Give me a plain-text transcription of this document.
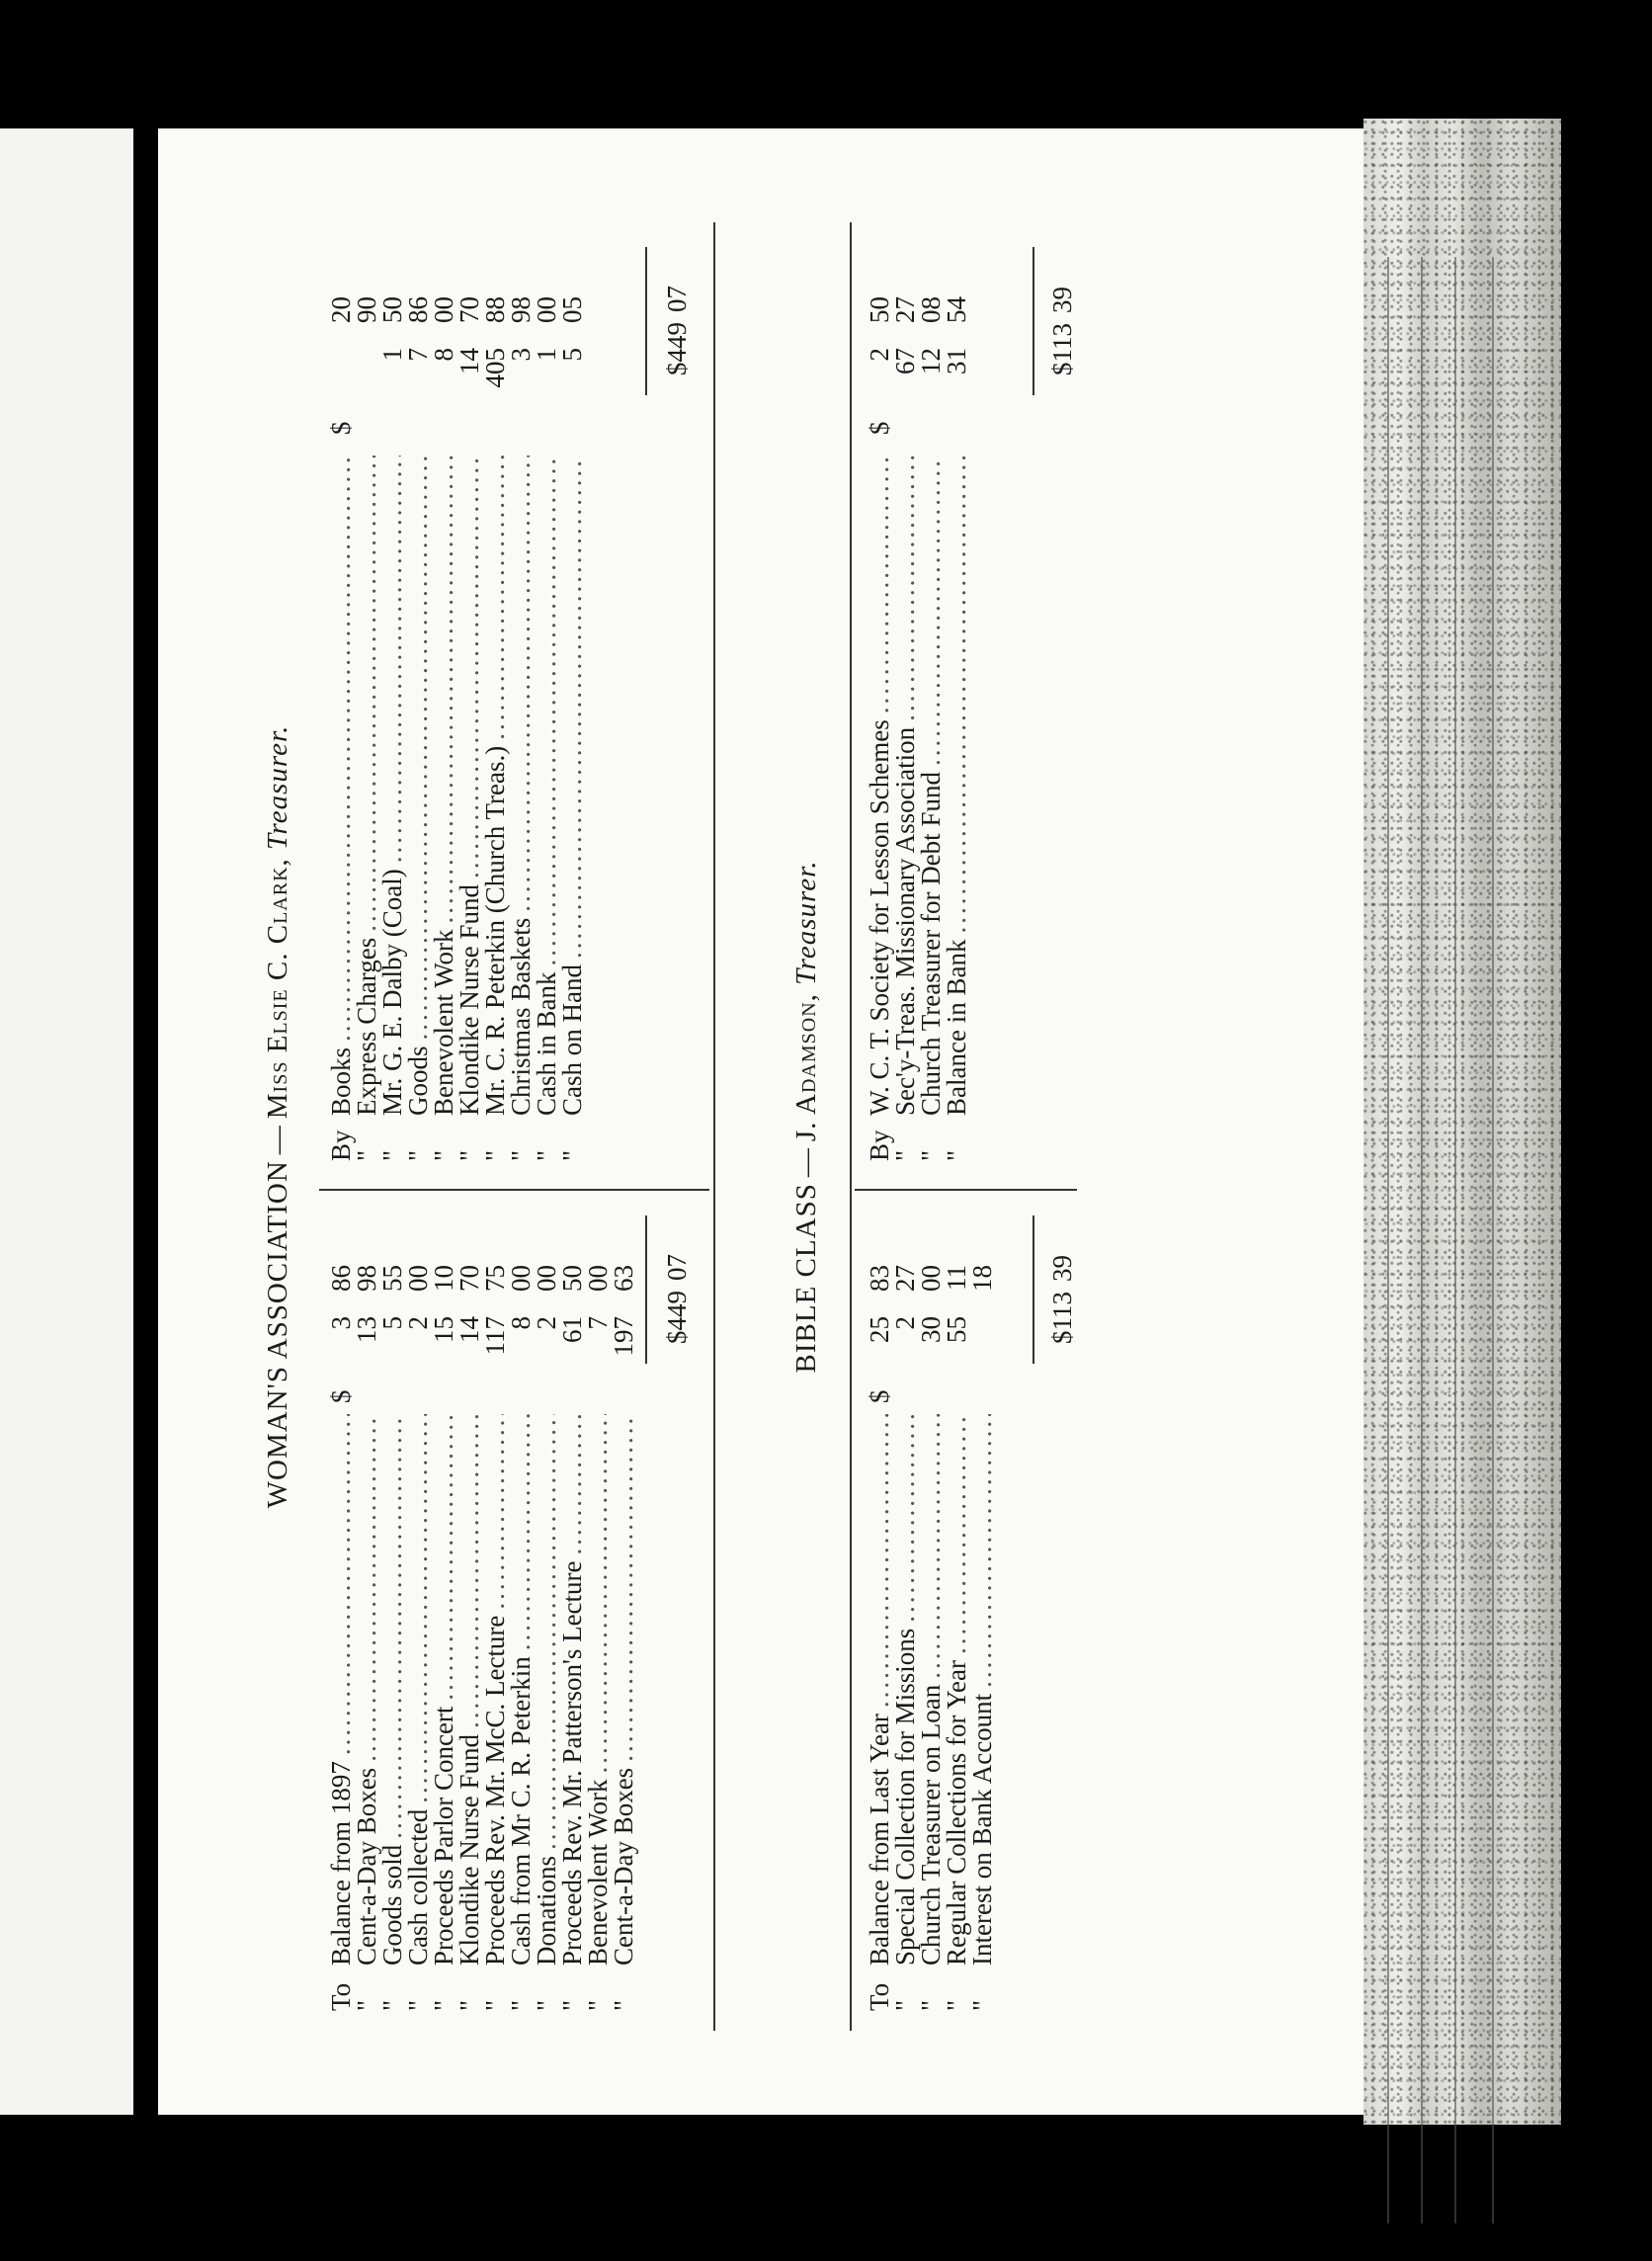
WOMAN'S ASSOCIATION—Miss Elsie C. Clark, Treasurer.
To
Balance from 1897
.....
"
Cent-a-Day Boxes
.....
"
Goods sold
.....
"
Cash collected
.....
"
Proceeds Parlor Concert
.....
"
Klondike Nurse Fund
.....
"
Proceeds Rev. Mr. McC. Lecture
.....
"
Cash from Mr C. R. Peterkin
.....
"
Donations
.....
"
Proceeds Rev. Mr. Patterson's Lecture
.....
"
Benevolent Work
.....
"
Cent-a-Day Boxes
.....
$386
1398
555
200
1510
1470
11775
800
200
6150
700
19763
By
Books
.....
"
Express Charges
.....
"
Mr. G. E. Dalby (Coal)
.....
"
Goods
.....
"
Benevolent Work
.....
"
Klondike Nurse Fund
.....
"
Mr. C. R. Peterkin (Church Treas.)
.....
"
Christmas Baskets
.....
"
Cash in Bank
.....
"
Cash on Hand
.....
$20
90
150
786
800
1470
40588
398
100
505
$44907
$44907
BIBLE CLASS—J. Adamson, Treasurer.
To
Balance from Last Year
.....
"
Special Collection for Missions
.....
"
Church Treasurer on Loan
.....
"
Regular Collections for Year
.....
"
Interest on Bank Account
.....
$2583
227
3000
5511
18
By
W. C. T. Society for Lesson Schemes
.....
"
Sec'y-Treas. Missionary Association
.....
"
Church Treasurer for Debt Fund
.....
"
Balance in Bank
.....
$250
6727
1208
3154
$11339
$11339
